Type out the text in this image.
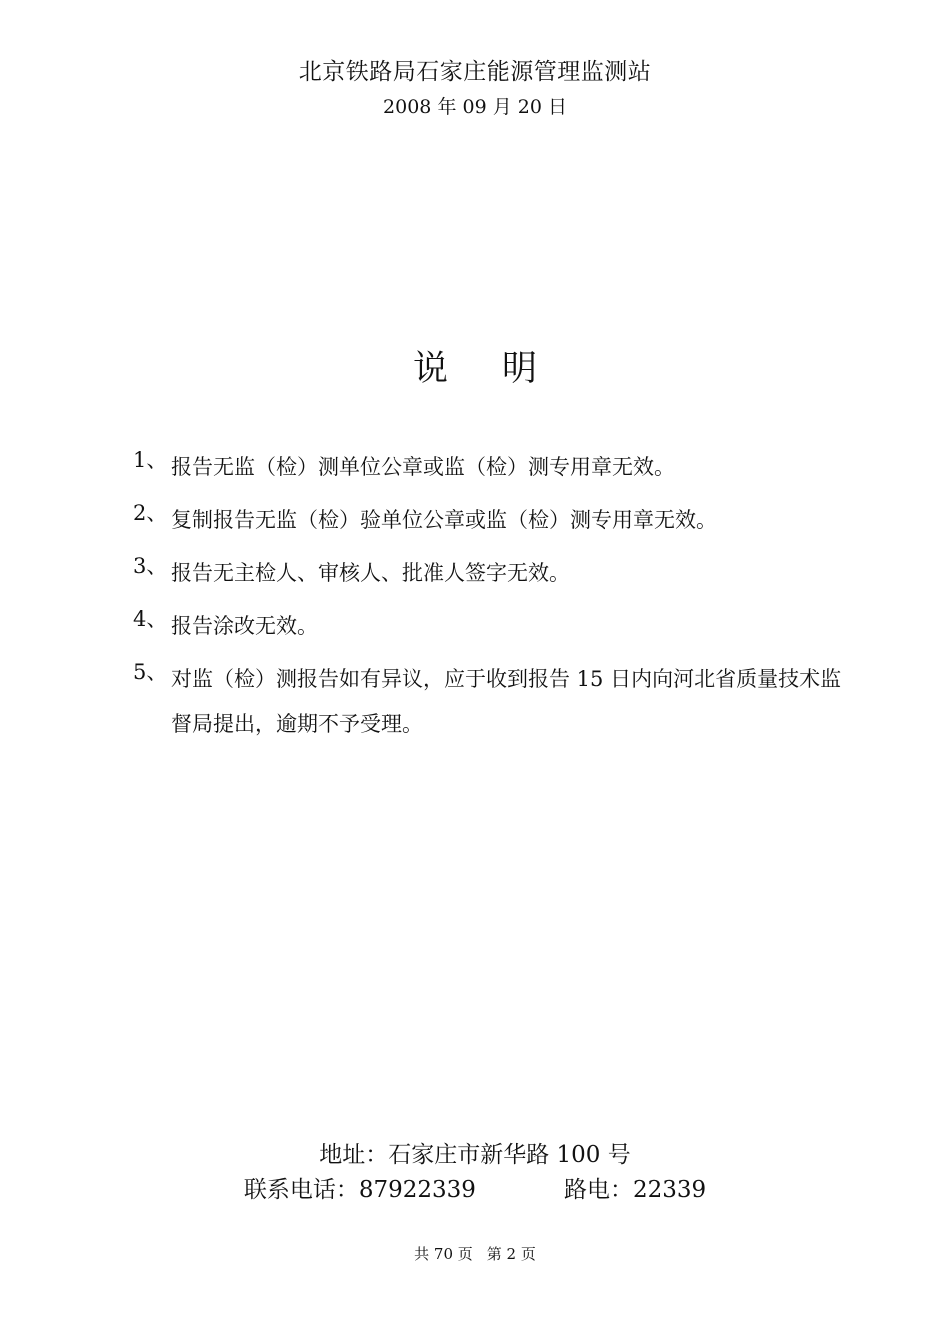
北京铁路局石家庄能源管理监测站
2008 年 09 月 20 日
说 明
1、 报告无监（检）测单位公章或监（检）测专用章无效。
2、 复制报告无监（检）验单位公章或监（检）测专用章无效。
3、 报告无主检人、审核人、批准人签字无效。
4、 报告涂改无效。
5、 对监（检）测报告如有异议，应于收到报告 15 日内向河北省质量技术监督局提出，逾期不予受理。
地址：石家庄市新华路 100 号
联系电话：87922339	路电：22339
共 70 页 第 2 页
